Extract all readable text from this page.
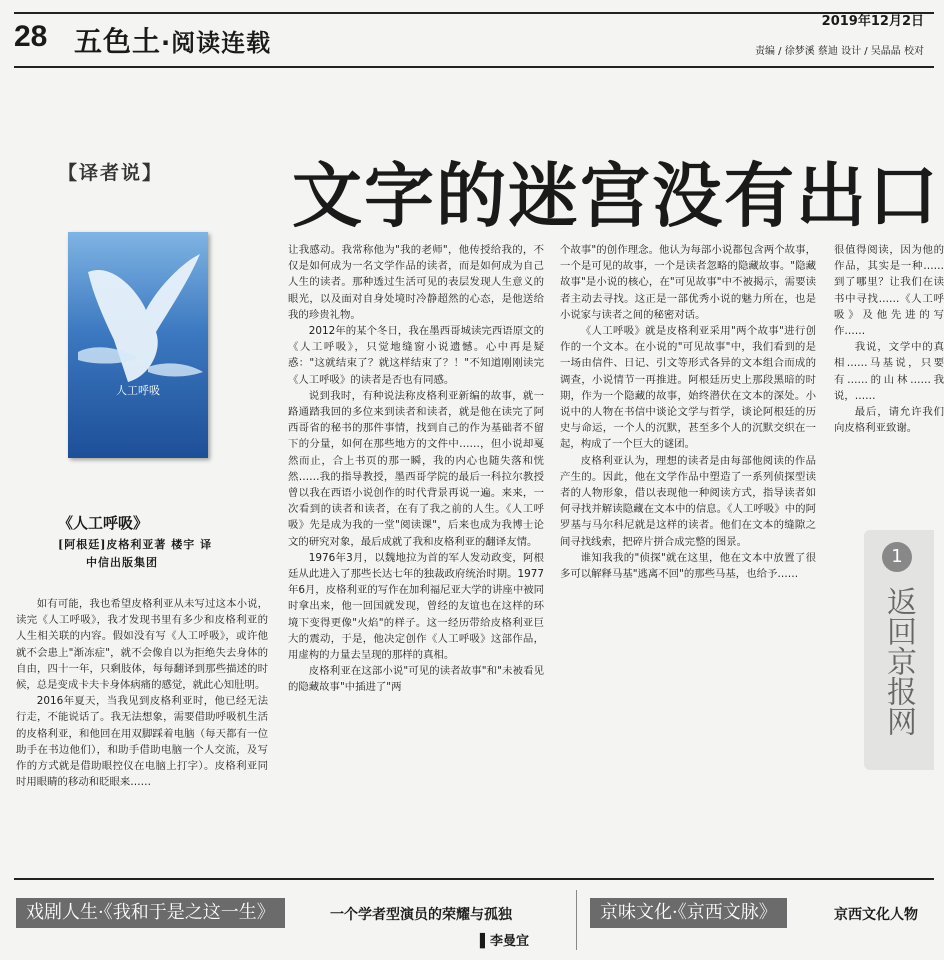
28 五色土·阅读连载
2019年12月2日
责编 / 徐梦溪 蔡迪 设计 / 吴晶晶 校对
【译者说】 文字的迷宫没有出口
人工呼吸
《人工呼吸》
[阿根廷]皮格利亚著 楼宇 译
中信出版集团

如有可能，我也希望皮格利亚从未写过这本小说，读完《人工呼吸》，我才发现书里有多少和皮格利亚的人生相关联的内容。假如没有写《人工呼吸》，或许他就不会患上"渐冻症"，就不会像自以为拒绝失去身体的自由，四十一年，只剩肢体，每每翻译到那些描述的时候，总是变成卡夫卡身体病痛的感觉，就此心知肚明。

2016年夏天，当我见到皮格利亚时，他已经无法行走，不能说话了。我无法想象，需要借助呼吸机生活的皮格利亚，和他回在用双脚踩着电脑（每天都有一位助手在书边他们），和助手借助电脑一个人交流，及写作的方式就是借助眼控仪在电脑上打字）。皮格利亚同时用眼睛的移动和眨眼来……

让我感动。我常称他为"我的老师"，他传授给我的，不仅是如何成为一名文学作品的读者，而是如何成为自己人生的读者。那种透过生活可见的表层发现人生意义的眼光，以及面对自身处境时冷静超然的心态，是他送给我的珍贵礼物。

2012年的某个冬日，我在墨西哥城读完西语原文的《人工呼吸》，只觉地缝窗小说遗憾。心中再是疑惑："这就结束了？就这样结束了？！"不知道刚刚读完《人工呼吸》的读者是否也有同感。

说到我时，有种说法称皮格利亚新编的故事，就一路通踏我回的多位来到读者和读者，就是他在读完了阿西哥省的秘书的那件事情，找到自己的作为基础者不留下的分量，如何在那些地方的文件中……，但小说却戛然而止，合上书页的那一瞬，我的内心也随失落和恍然……我的指导教授，墨西哥学院的最后一科拉尔教授曾以我在西语小说创作的时代背景再说一遍。来来，一次看到的读者和读者，在有了我之前的人生。《人工呼吸》先是成为我的一堂"阅读课"，后来也成为我博士论文的研究对象，最后成就了我和皮格利亚的翻译友情。

1976年3月，以魏地拉为首的军人发动政变，阿根廷从此进入了那些长达七年的独裁政府统治时期。1977年6月，皮格利亚的写作在加利福尼亚大学的讲座中被同时拿出来，他一回国就发现，曾经的友谊也在这样的环境下变得更像"火焰"的样子。这一经历带给皮格利亚巨大的震动，于是，他决定创作《人工呼吸》这部作品，用虚构的力量去呈现的那样的真相。

皮格利亚在这部小说"可见的读者故事"和"未被看见的隐藏故事"中插进了"两

个故事"的创作理念。他认为每部小说都包含两个故事，一个是可见的故事，一个是读者忽略的隐藏故事。"隐藏故事"是小说的核心，在"可见故事"中不被揭示，需要读者主动去寻找。这正是一部优秀小说的魅力所在，也是小说家与读者之间的秘密对话。

《人工呼吸》就是皮格利亚采用"两个故事"进行创作的一个文本。在小说的"可见故事"中，我们看到的是一场由信件、日记、引文等形式各异的文本组合而成的调查，小说情节一再推进。阿根廷历史上那段黑暗的时期，作为一个隐藏的故事，始终潜伏在文本的深处。小说中的人物在书信中谈论文学与哲学，谈论阿根廷的历史与命运，一个人的沉默，甚至多个人的沉默交织在一起，构成了一个巨大的谜团。

皮格利亚认为，理想的读者是由每部他阅读的作品产生的。因此，他在文学作品中塑造了一系列侦探型读者的人物形象，借以表现他一种阅读方式，指导读者如何寻找并解读隐藏在文本中的信息。《人工呼吸》中的阿罗基与马尔科尼就是这样的读者。他们在文本的缝隙之间寻找线索，把碎片拼合成完整的图景。

谁知我我的"侦探"就在这里，他在文本中放置了很多可以解释马基"逃离不回"的那些马基，也给予……

很值得阅读，因为他的作品，其实是一种……到了哪里？让我们在读书中寻找……《人工呼吸》及他先进的写作……

我说，文学中的真相……马基说，只要有……的山林……我说，……

最后，请允许我们向皮格利亚致谢。

1
返回京报网
戏剧人生·《我和于是之这一生》	一个学者型演员的荣耀与孤独
▌李曼宜
京味文化·《京西文脉》	京西文化人物
